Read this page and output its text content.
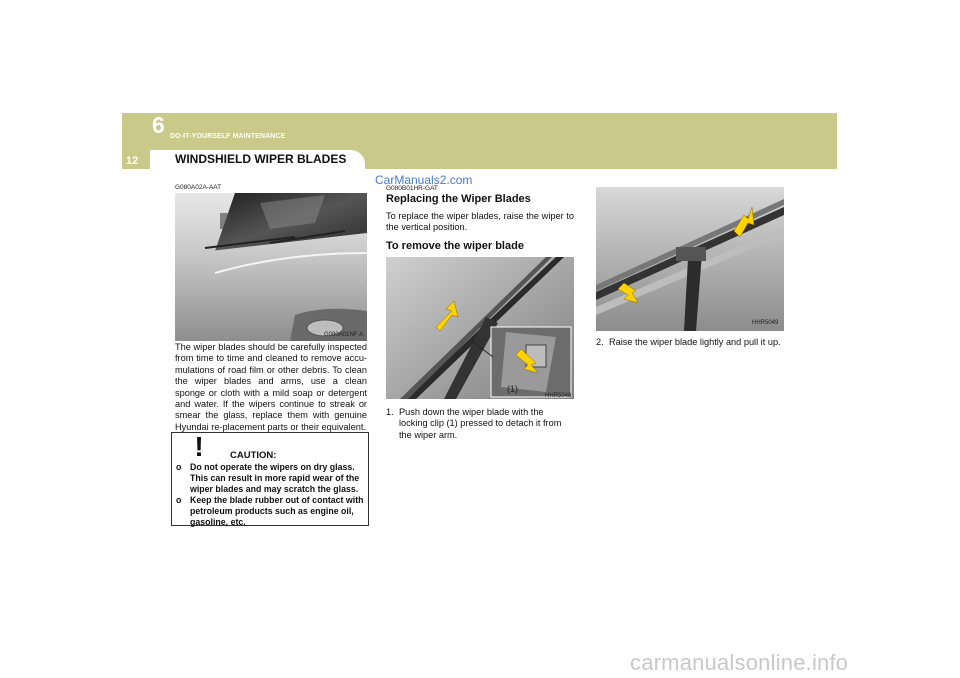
6 DO-IT-YOURSELF MAINTENANCE
12	WINDSHIELD WIPER BLADES
G080A02A-AAT
G080A01NF-A
The wiper blades should be carefully inspected from time to time and cleaned to remove accu-mulations of road film or other debris. To clean the wiper blades and arms, use a clean sponge or cloth with a mild soap or detergent and water. If the wipers continue to streak or smear the glass, replace them with genuine Hyundai re-placement parts or their equivalent.
!	CAUTION:
o Do not operate the wipers on dry glass. This can result in more rapid wear of the wiper blades and may scratch the glass.
o Keep the blade rubber out of contact with petroleum products such as engine oil, gasoline, etc.
CarManuals2.com
G080B01HR-GAT
Replacing the Wiper Blades
To replace the wiper blades, raise the wiper to the vertical position.
To remove the wiper blade
(1)
HHR5048
1. Push down the wiper blade with the locking clip (1) pressed to detach it from the wiper arm.
HHR5049
2. Raise the wiper blade lightly and pull it up.
carmanualsonline.info
